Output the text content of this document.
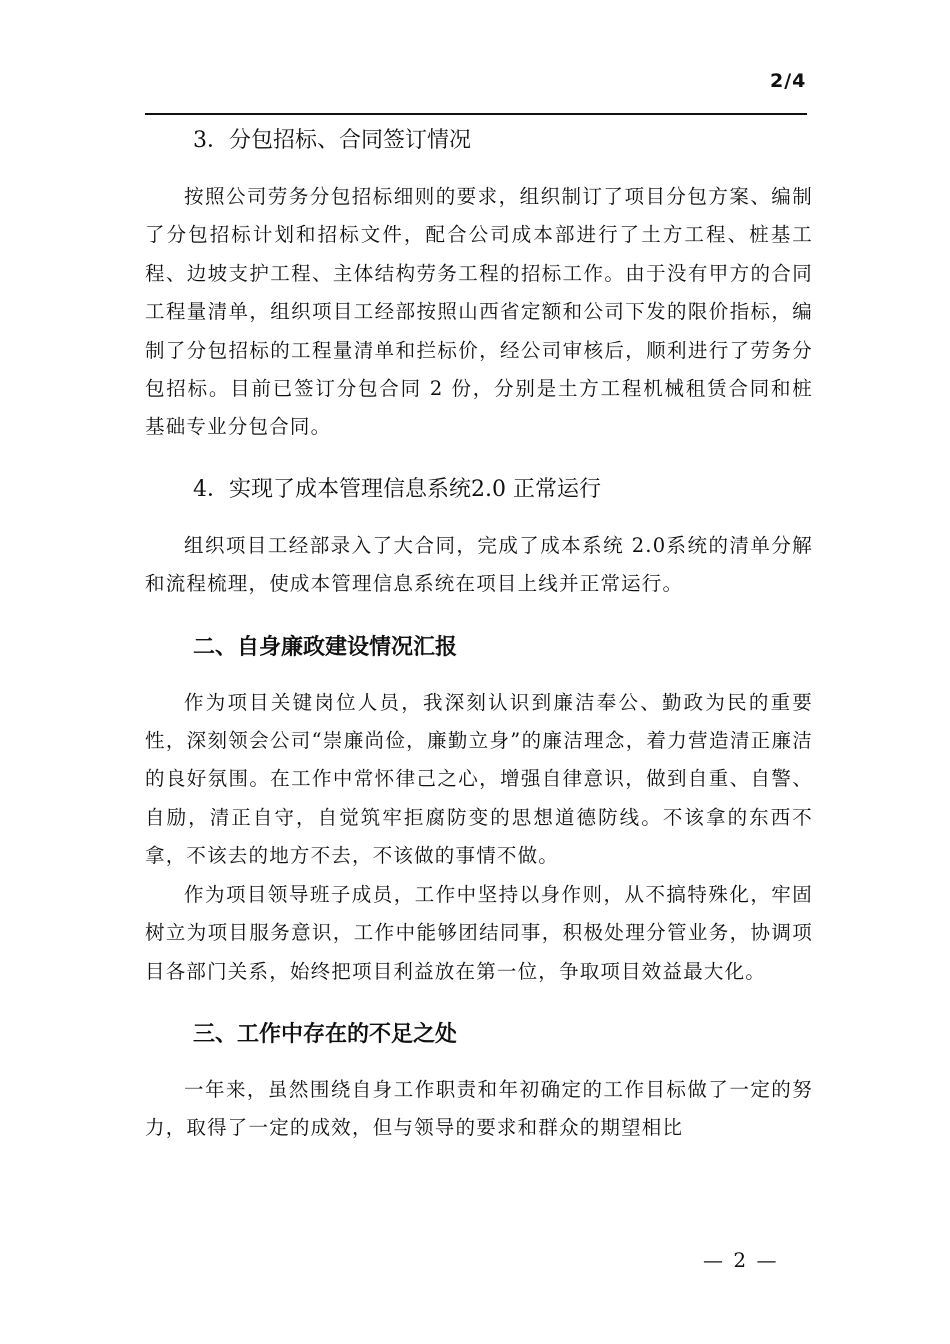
2/4
3．分包招标、合同签订情况

按照公司劳务分包招标细则的要求，组织制订了项目分包方案、编制了分包招标计划和招标文件，配合公司成本部进行了土方工程、桩基工程、边坡支护工程、主体结构劳务工程的招标工作。由于没有甲方的合同工程量清单，组织项目工经部按照山西省定额和公司下发的限价指标，编制了分包招标的工程量清单和拦标价，经公司审核后，顺利进行了劳务分包招标。目前已签订分包合同 2 份，分别是土方工程机械租赁合同和桩基础专业分包合同。

4．实现了成本管理信息系统2.0 正常运行

组织项目工经部录入了大合同，完成了成本系统 2.0系统的清单分解和流程梳理，使成本管理信息系统在项目上线并正常运行。

二、自身廉政建设情况汇报

作为项目关键岗位人员，我深刻认识到廉洁奉公、勤政为民的重要性，深刻领会公司“崇廉尚俭，廉勤立身”的廉洁理念，着力营造清正廉洁的良好氛围。在工作中常怀律己之心，增强自律意识，做到自重、自警、自励，清正自守，自觉筑牢拒腐防变的思想道德防线。不该拿的东西不拿，不该去的地方不去，不该做的事情不做。

作为项目领导班子成员，工作中坚持以身作则，从不搞特殊化，牢固树立为项目服务意识，工作中能够团结同事，积极处理分管业务，协调项目各部门关系，始终把项目利益放在第一位，争取项目效益最大化。

三、工作中存在的不足之处

一年来，虽然围绕自身工作职责和年初确定的工作目标做了一定的努力，取得了一定的成效，但与领导的要求和群众的期望相比

— 2 —
